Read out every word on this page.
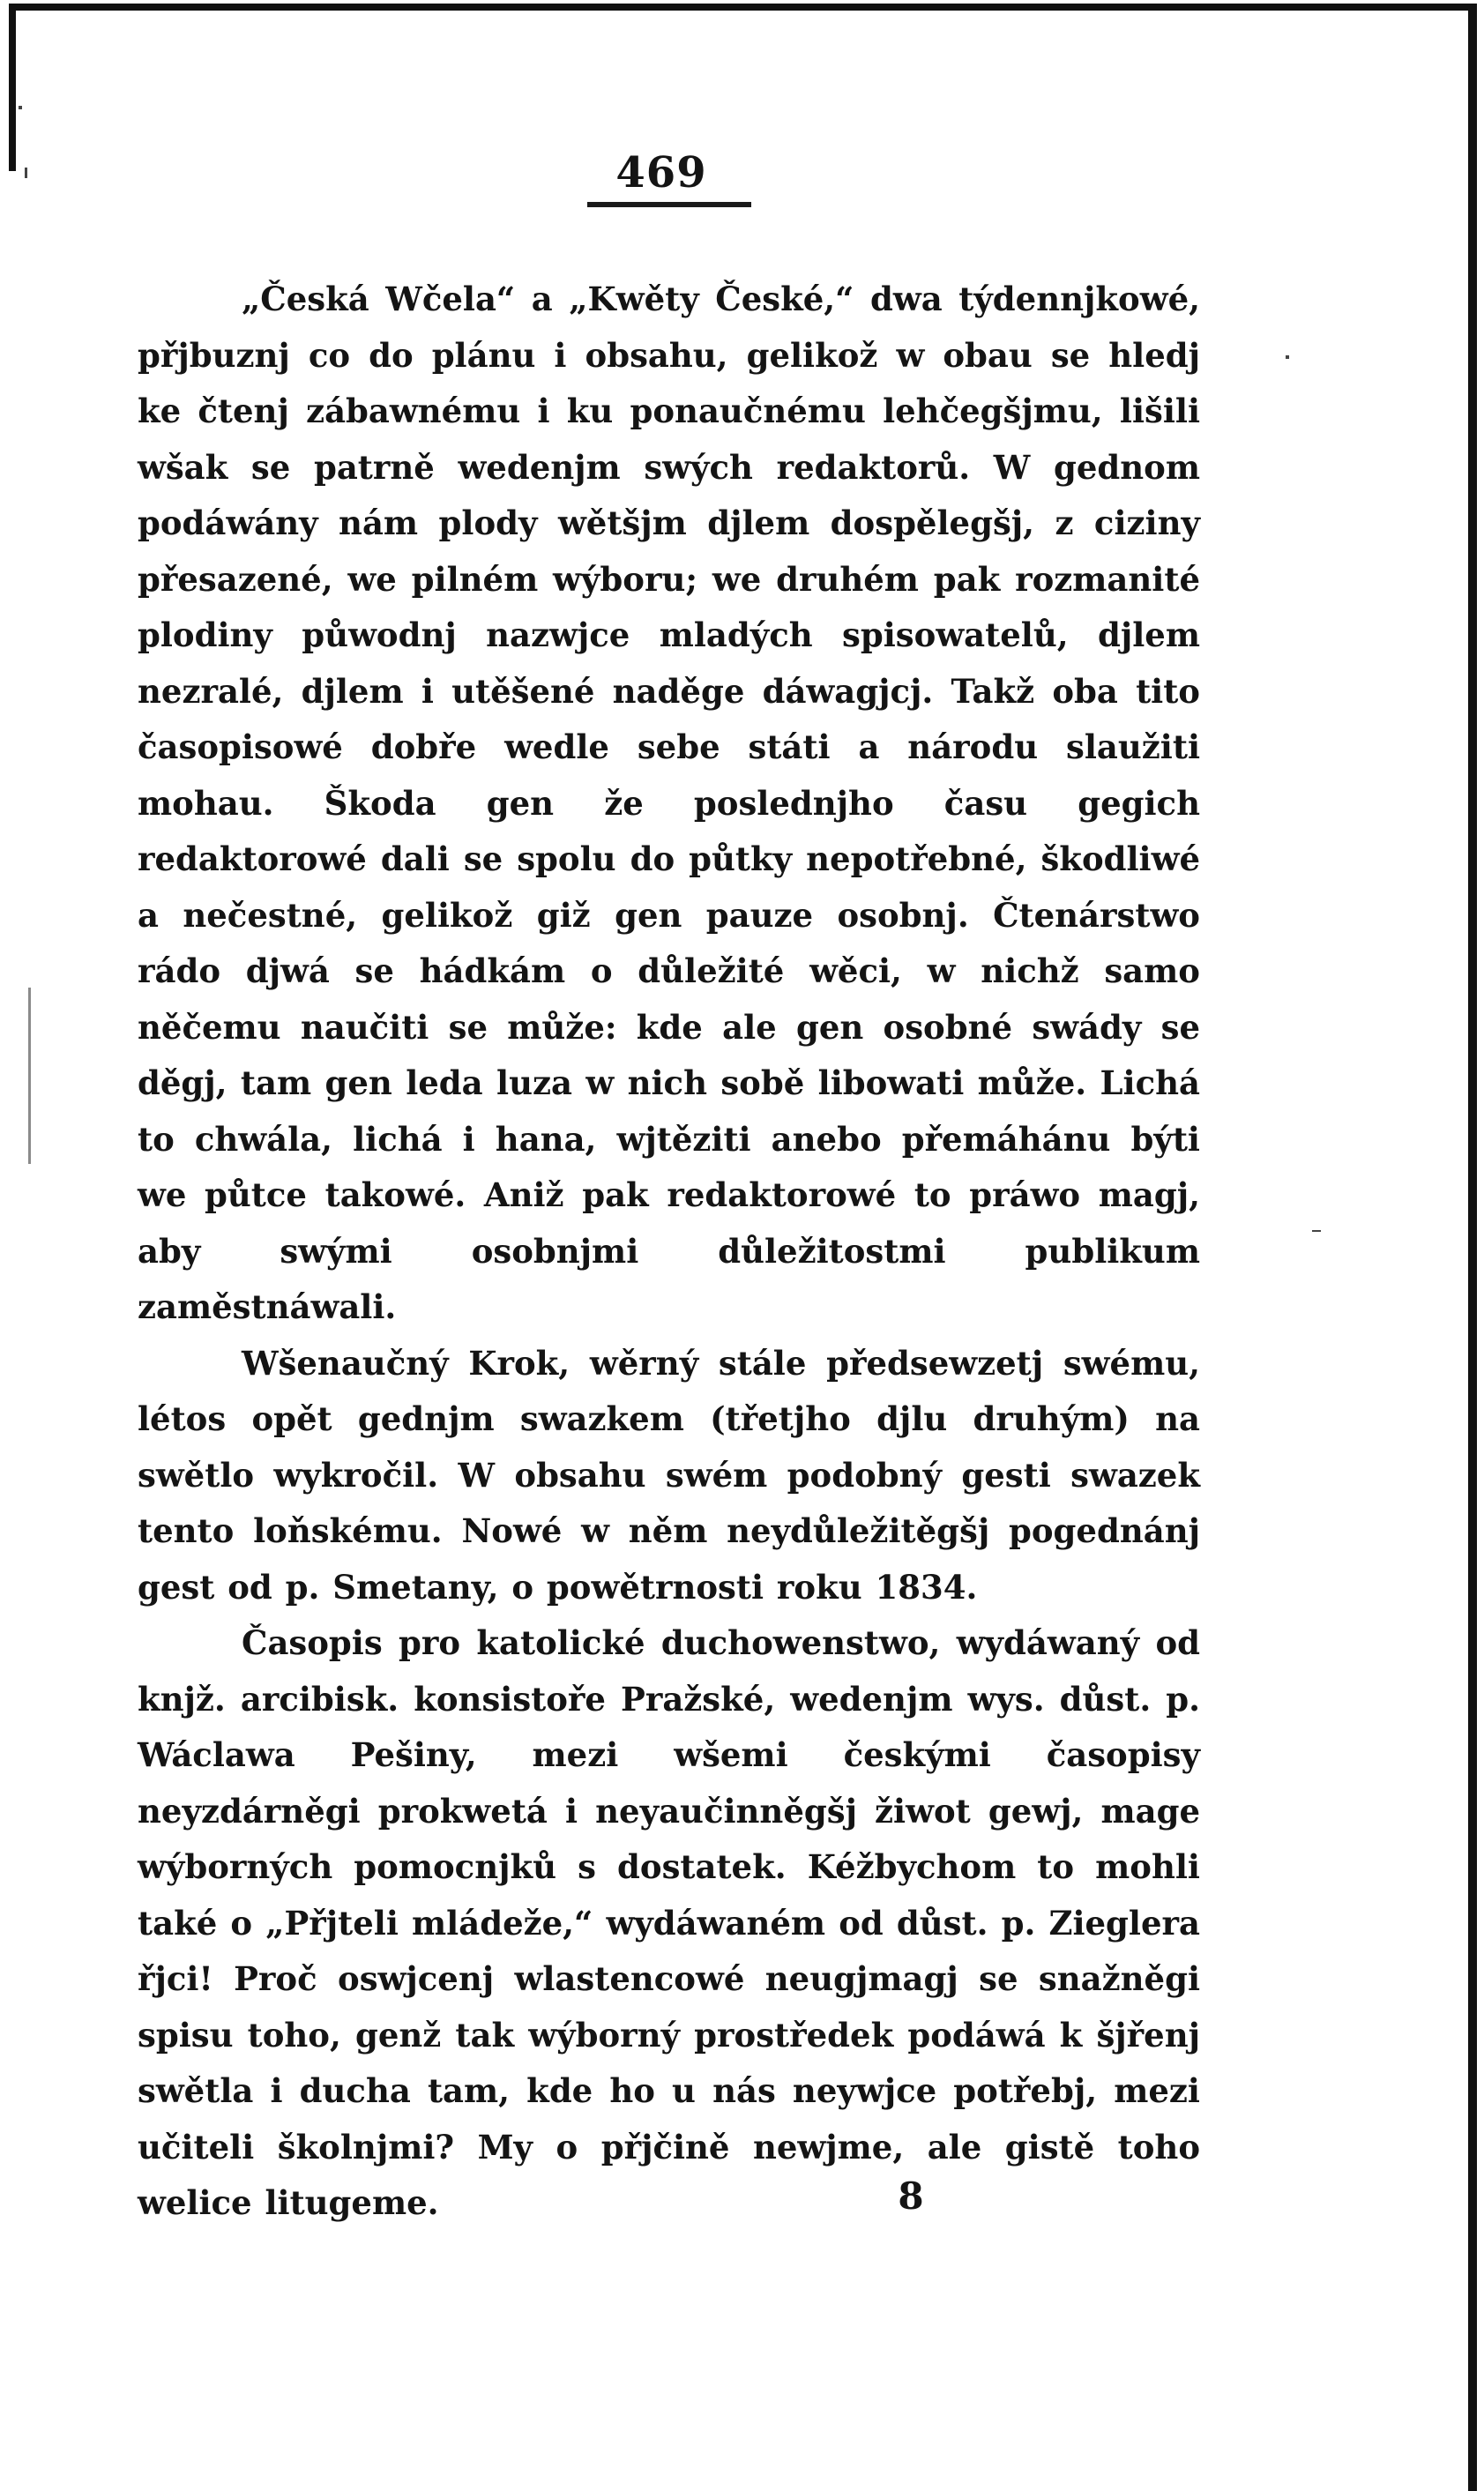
469

„Česká Wčela“ a „Kwěty České,“ dwa týdennjkowé, přjbuznj co do plánu i obsahu, gelikož w obau se hledj ke čtenj zábawnému i ku ponaučnému lehčegšjmu, lišili wšak se patrně wedenjm swých redaktorů. W gednom podáwány nám plody wětšjm djlem dospělegšj, z ciziny přesazené, we pilném wýboru; we druhém pak rozmanité plodiny půwodnj nazwjce mladých spisowatelů, djlem nezralé, djlem i utěšené naděge dáwagjcj. Takž oba tito časopisowé dobře wedle sebe státi a národu slaužiti mohau. Škoda gen že poslednjho času gegich redaktorowé dali se spolu do půtky nepotřebné, škodliwé a nečestné, gelikož giž gen pauze osobnj. Čtenárstwo rádo djwá se hádkám o důležité wěci, w nichž samo něčemu naučiti se může: kde ale gen osobné swády se děgj, tam gen leda luza w nich sobě libowati může. Lichá to chwála, lichá i hana, wjtěziti anebo přemáhánu býti we půtce takowé. Aniž pak redaktorowé to práwo magj, aby swými osobnjmi důležitostmi publikum zaměstnáwali.

Wšenaučný Krok, wěrný stále předsewzetj swému, létos opět gednjm swazkem (třetjho djlu druhým) na swětlo wykročil. W obsahu swém podobný gesti swazek tento loňskému. Nowé w něm neydůležitěgšj pogednánj gest od p. Smetany, o powětrnosti roku 1834.

Časopis pro katolické duchowenstwo, wydáwaný od knjž. arcibisk. konsistoře Pražské, wedenjm wys. důst. p. Wáclawa Pešiny, mezi wšemi českými časopisy neyzdárněgi prokwetá i neyaučinněgšj žiwot gewj, mage wýborných pomocnjků s dostatek. Kéžbychom to mohli také o „Přjteli mládeže,“ wydáwaném od důst. p. Zieglera řjci! Proč oswjcenj wlastencowé neugjmagj se snažněgi spisu toho, genž tak wýborný prostředek podáwá k šjřenj swětla i ducha tam, kde ho u nás neywjce potřebj, mezi učiteli školnjmi? My o přjčině newjme, ale gistě toho welice litugeme.	8
